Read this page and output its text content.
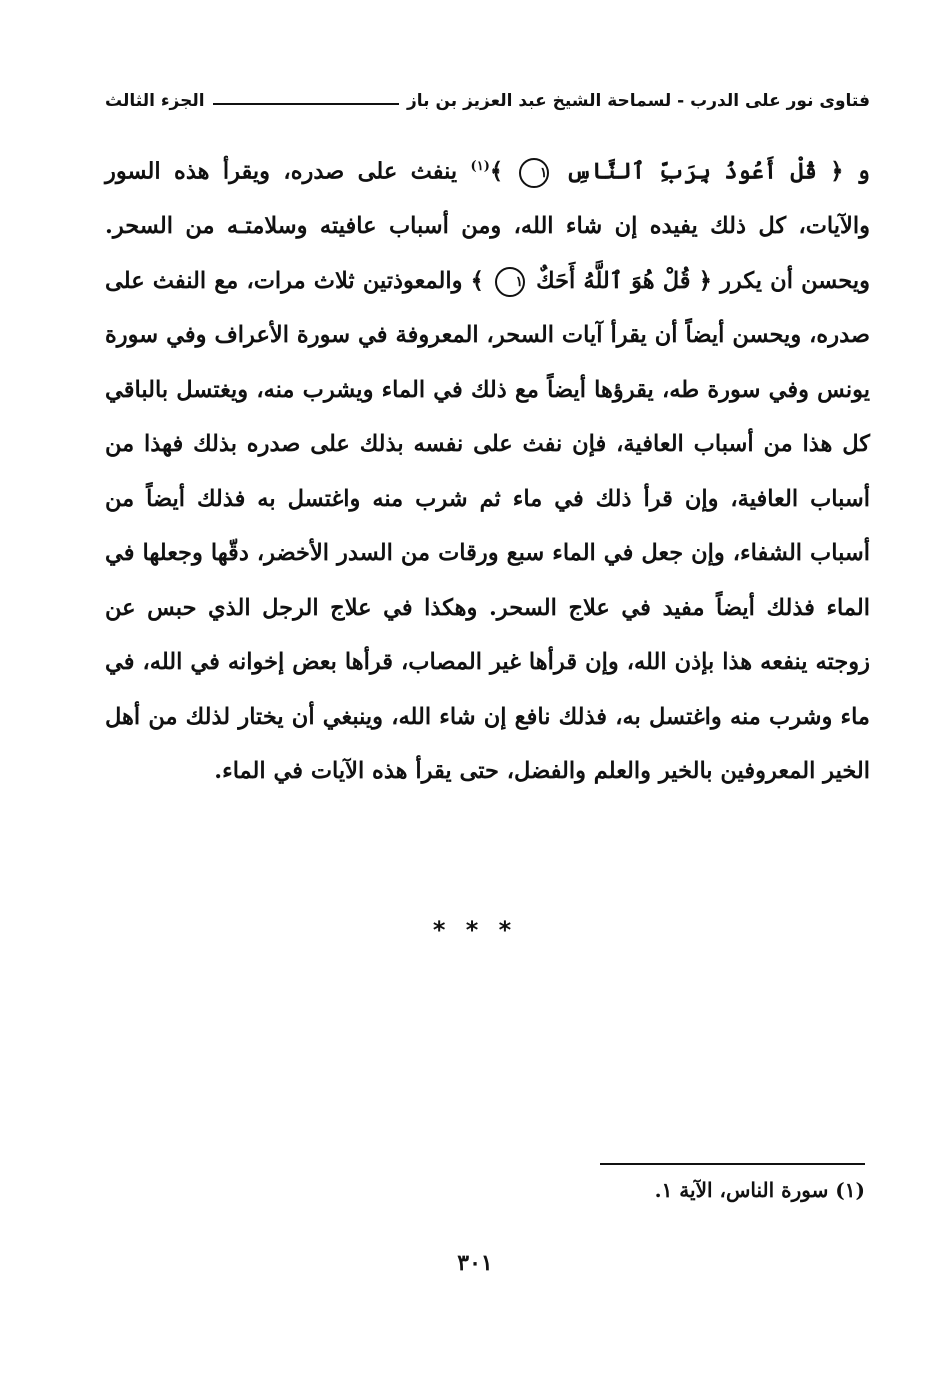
فتاوى نور على الدرب - لسماحة الشيخ عبد العزيز بن باز
الجزء الثالث

و ﴿ قُلْ أَعُوذُ بِرَبِّ ٱلنَّاسِ ١ ﴾$^{(١)}$ ينفث على صدره، ويقرأ هذه السور والآيات، كل ذلك يفيده إن شاء الله، ومن أسباب عافيته وسلامتـه من السحر. ويحسن أن يكرر ﴿ قُلْ هُوَ ٱللَّهُ أَحَكٌ ١ ﴾ والمعوذتين ثلاث مرات، مع النفث على صدره، ويحسن أيضاً أن يقرأ آيات السحر، المعروفة في سورة الأعراف وفي سورة يونس وفي سورة طه، يقرؤها أيضاً مع ذلك في الماء ويشرب منه، ويغتسل بالباقي كل هذا من أسباب العافية، فإن نفث على نفسه بذلك على صدره بذلك فهذا من أسباب العافية، وإن قرأ ذلك في ماء ثم شرب منه واغتسل به فذلك أيضاً من أسباب الشفاء، وإن جعل في الماء سبع ورقات من السدر الأخضر، دقّها وجعلها في الماء فذلك أيضاً مفيد في علاج السحر. وهكذا في علاج الرجل الذي حبس عن زوجته ينفعه هذا بإذن الله، وإن قرأها غير المصاب، قرأها بعض إخوانه في الله، في ماء وشرب منه واغتسل به، فذلك نافع إن شاء الله، وينبغي أن يختار لذلك من أهل الخير المعروفين بالخير والعلم والفضل، حتى يقرأ هذه الآيات في الماء.

* * *
(١) سورة الناس، الآية ١.
٣٠١
